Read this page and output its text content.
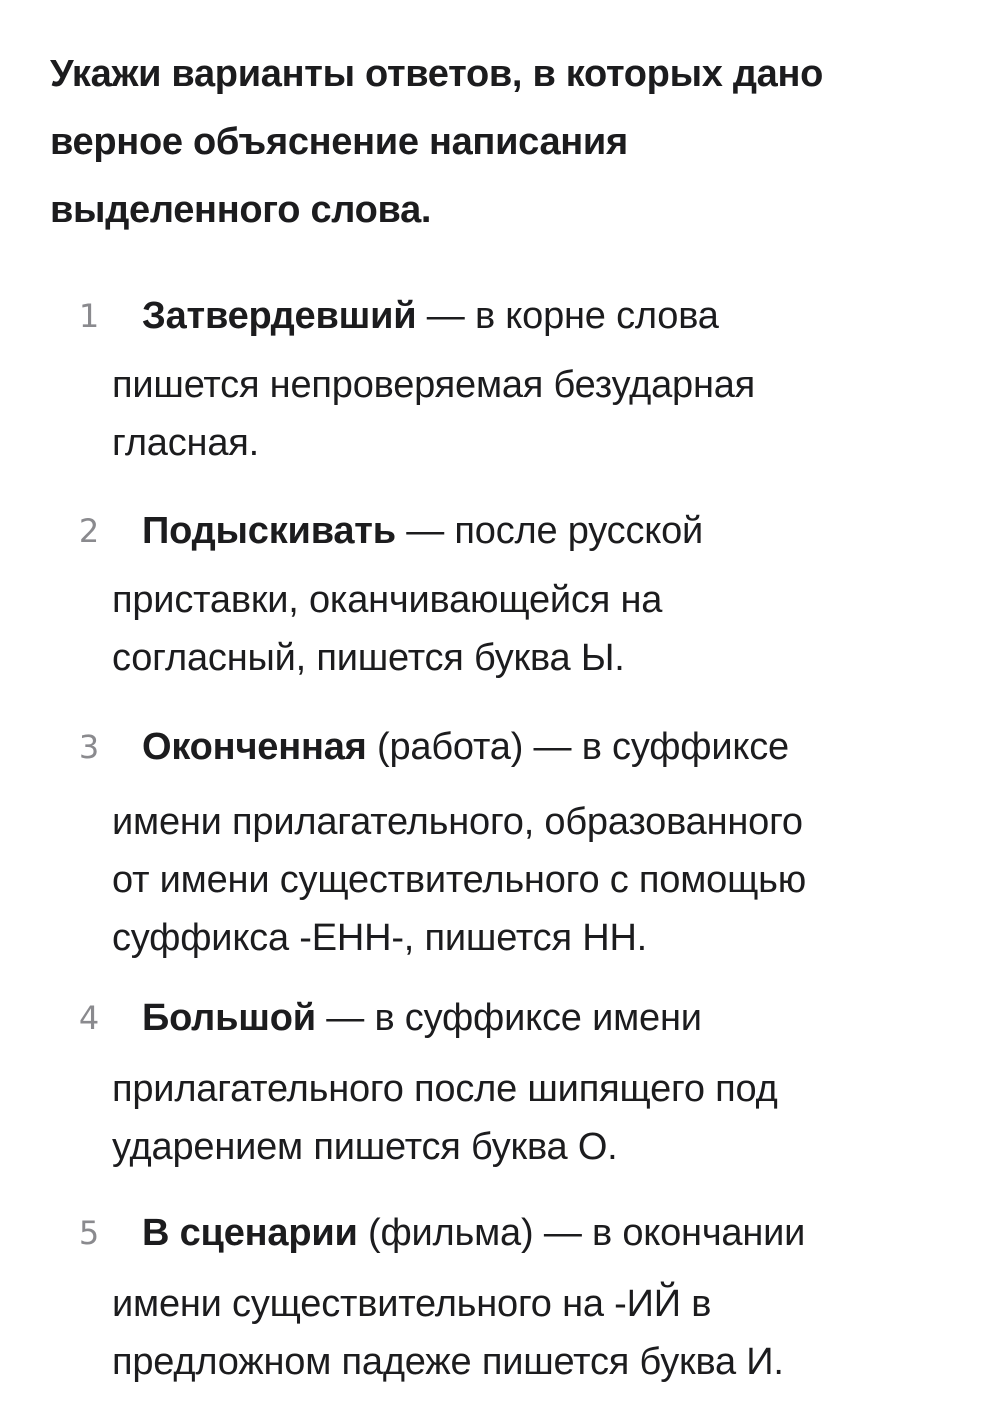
Укажи варианты ответов, в которых дано
верное объяснение написания
выделенного слова.
1 Затвердевший — в корне слова
пишется непроверяемая безударная
гласная.
2 Подыскивать — после русской
приставки, оканчивающейся на
согласный, пишется буква Ы.
3 Оконченная (работа) — в суффиксе
имени прилагательного, образованного
от имени существительного с помощью
суффикса -ЕНН-, пишется НН.
4 Большой — в суффиксе имени
прилагательного после шипящего под
ударением пишется буква О.
5 В сценарии (фильма) — в окончании
имени существительного на -ИЙ в
предложном падеже пишется буква И.
